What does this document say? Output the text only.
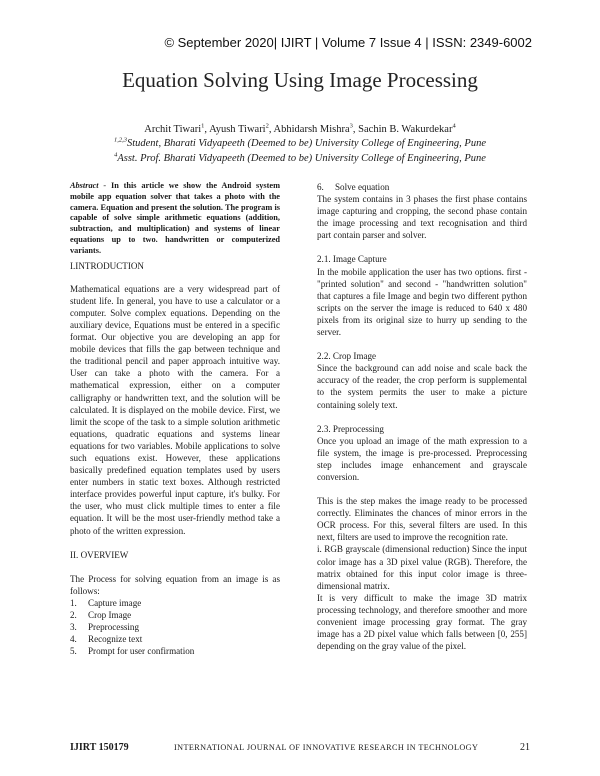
© September 2020| IJIRT | Volume 7 Issue 4 | ISSN: 2349-6002
Equation Solving Using Image Processing
Archit Tiwari$^1$, Ayush Tiwari$^2$, Abhidarsh Mishra$^3$, Sachin B. Wakurdekar$^4$
$^{1,2,3}$Student, Bharati Vidyapeeth (Deemed to be) University College of Engineering, Pune
$^4$Asst. Prof. Bharati Vidyapeeth (Deemed to be) University College of Engineering, Pune

Abstract - In this article we show the Android system mobile app equation solver that takes a photo with the camera. Equation and present the solution. The program is capable of solve simple arithmetic equations (addition, subtraction, and multiplication) and systems of linear equations up to two. handwritten or computerized variants.

I.INTRODUCTION

Mathematical equations are a very widespread part of student life. In general, you have to use a calculator or a computer. Solve complex equations. Depending on the auxiliary device, Equations must be entered in a specific format. Our objective you are developing an app for mobile devices that fills the gap between technique and the traditional pencil and paper approach intuitive way. User can take a photo with the camera. For a mathematical expression, either on a computer calligraphy or handwritten text, and the solution will be calculated. It is displayed on the mobile device. First, we limit the scope of the task to a simple solution arithmetic equations, quadratic equations and systems linear equations for two variables. Mobile applications to solve such equations exist. However, these applications basically predefined equation templates used by users enter numbers in static text boxes. Although restricted interface provides powerful input capture, it's bulky. For the user, who must click multiple times to enter a file equation. It will be the most user-friendly method take a photo of the written expression.

II. OVERVIEW

The Process for solving equation from an image is as follows:

1.	Capture image
2.	Crop Image
3.	Preprocessing
4.	Recognize text
5.	Prompt for user confirmation
6.	Solve equation

The system contains in 3 phases the first phase contains image capturing and cropping, the second phase contain the image processing and text recognisation and third part contain parser and solver.

2.1. Image Capture

In the mobile application the user has two options. first - "printed solution" and second - "handwritten solution" that captures a file Image and begin two different python scripts on the server the image is reduced to 640 x 480 pixels from its original size to hurry up sending to the server.

2.2. Crop Image

Since the background can add noise and scale back the accuracy of the reader, the crop perform is supplemental to the system permits the user to make a picture containing solely text.

2.3. Preprocessing

Once you upload an image of the math expression to a file system, the image is pre-processed. Preprocessing step includes image enhancement and grayscale conversion.

This is the step makes the image ready to be processed correctly. Eliminates the chances of minor errors in the OCR process. For this, several filters are used. In this next, filters are used to improve the recognition rate.

i. RGB grayscale (dimensional reduction) Since the input color image has a 3D pixel value (RGB). Therefore, the matrix obtained for this input color image is three-dimensional matrix.

It is very difficult to make the image 3D matrix processing technology, and therefore smoother and more convenient image processing gray format. The gray image has a 2D pixel value which falls between [0, 255] depending on the gray value of the pixel.

IJIRT 150179	INTERNATIONAL JOURNAL OF INNOVATIVE RESEARCH IN TECHNOLOGY	21
